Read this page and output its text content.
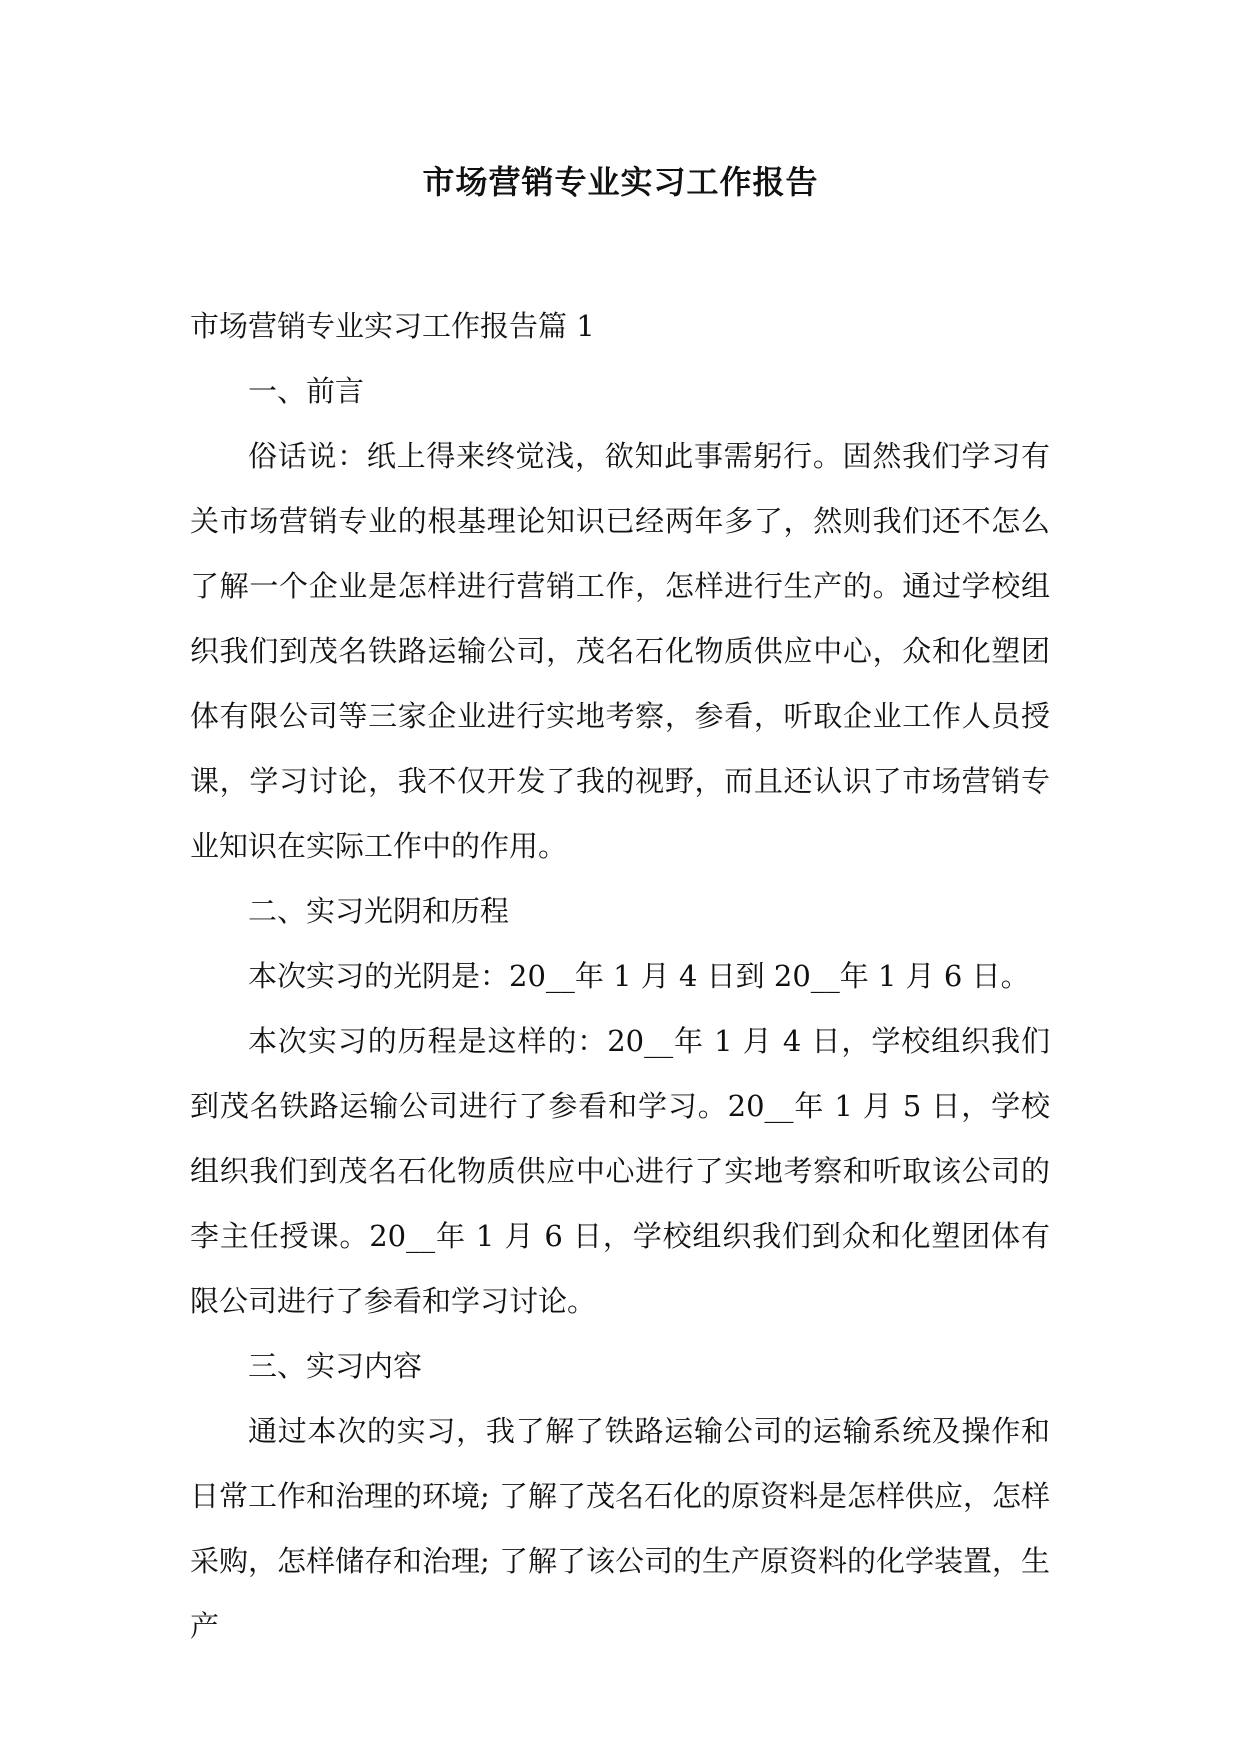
市场营销专业实习工作报告

市场营销专业实习工作报告篇 1

一、前言

俗话说：纸上得来终觉浅，欲知此事需躬行。固然我们学习有关市场营销专业的根基理论知识已经两年多了，然则我们还不怎么了解一个企业是怎样进行营销工作，怎样进行生产的。通过学校组织我们到茂名铁路运输公司，茂名石化物质供应中心，众和化塑团体有限公司等三家企业进行实地考察，参看，听取企业工作人员授课，学习讨论，我不仅开发了我的视野，而且还认识了市场营销专业知识在实际工作中的作用。

二、实习光阴和历程

本次实习的光阴是：20__年 1 月 4 日到 20__年 1 月 6 日。

本次实习的历程是这样的：20__年 1 月 4 日，学校组织我们到茂名铁路运输公司进行了参看和学习。20__年 1 月 5 日，学校组织我们到茂名石化物质供应中心进行了实地考察和听取该公司的李主任授课。20__年 1 月 6 日，学校组织我们到众和化塑团体有限公司进行了参看和学习讨论。

三、实习内容

通过本次的实习，我了解了铁路运输公司的运输系统及操作和日常工作和治理的环境; 了解了茂名石化的原资料是怎样供应，怎样采购，怎样储存和治理; 了解了该公司的生产原资料的化学装置，生产
